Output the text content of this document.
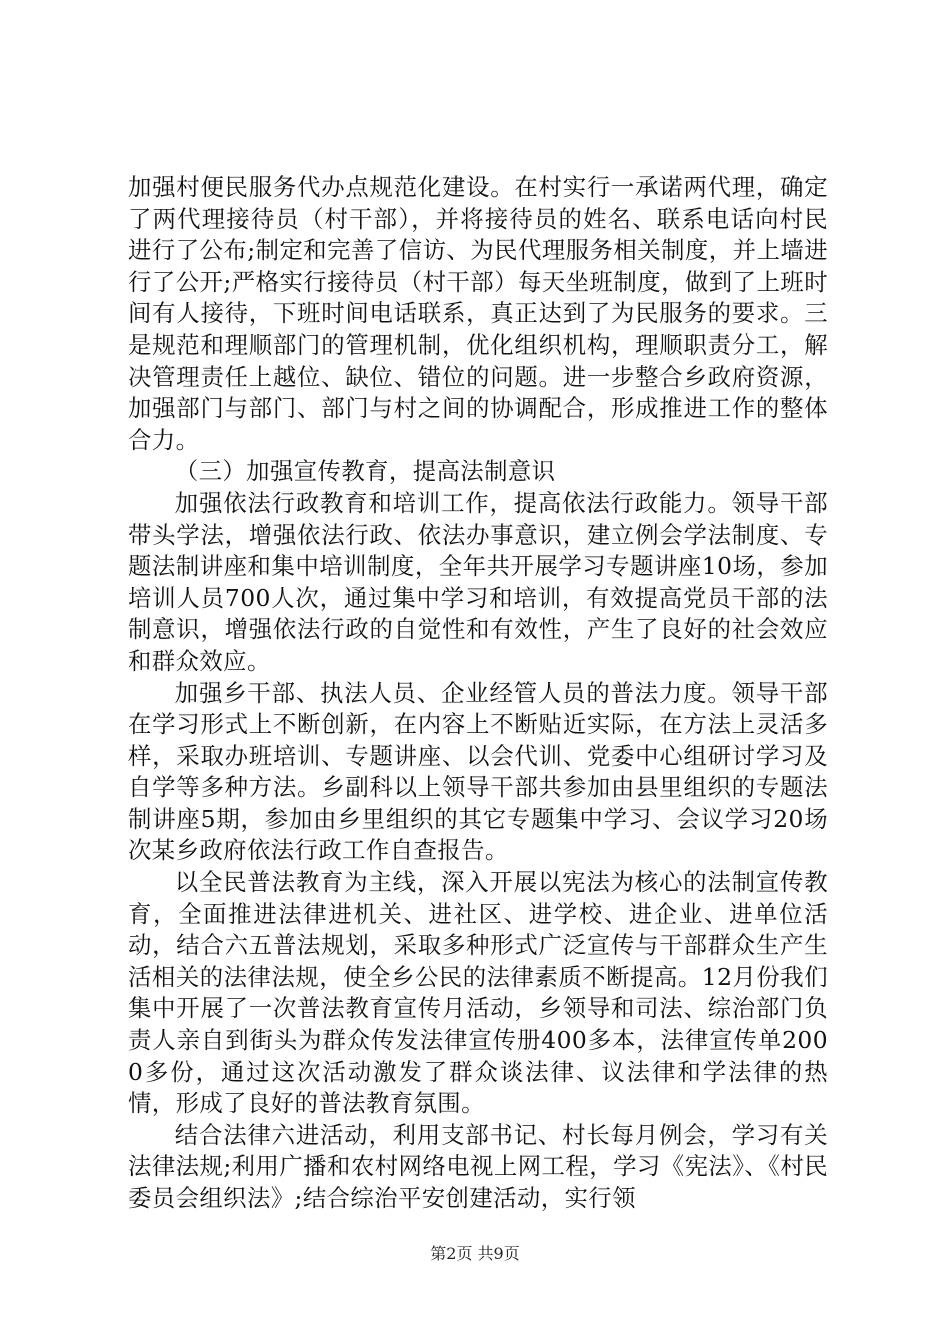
加强村便民服务代办点规范化建设。在村实行一承诺两代理，确定了两代理接待员（村干部），并将接待员的姓名、联系电话向村民进行了公布;制定和完善了信访、为民代理服务相关制度，并上墙进行了公开;严格实行接待员（村干部）每天坐班制度，做到了上班时间有人接待，下班时间电话联系，真正达到了为民服务的要求。三是规范和理顺部门的管理机制，优化组织机构，理顺职责分工，解决管理责任上越位、缺位、错位的问题。进一步整合乡政府资源，加强部门与部门、部门与村之间的协调配合，形成推进工作的整体合力。

（三）加强宣传教育，提高法制意识

加强依法行政教育和培训工作，提高依法行政能力。领导干部带头学法，增强依法行政、依法办事意识，建立例会学法制度、专题法制讲座和集中培训制度，全年共开展学习专题讲座10场，参加培训人员700人次，通过集中学习和培训，有效提高党员干部的法制意识，增强依法行政的自觉性和有效性，产生了良好的社会效应和群众效应。

加强乡干部、执法人员、企业经管人员的普法力度。领导干部在学习形式上不断创新，在内容上不断贴近实际，在方法上灵活多样，采取办班培训、专题讲座、以会代训、党委中心组研讨学习及自学等多种方法。乡副科以上领导干部共参加由县里组织的专题法制讲座5期，参加由乡里组织的其它专题集中学习、会议学习20场次某乡政府依法行政工作自查报告。

以全民普法教育为主线，深入开展以宪法为核心的法制宣传教育，全面推进法律进机关、进社区、进学校、进企业、进单位活动，结合六五普法规划，采取多种形式广泛宣传与干部群众生产生活相关的法律法规，使全乡公民的法律素质不断提高。12月份我们集中开展了一次普法教育宣传月活动，乡领导和司法、综治部门负责人亲自到街头为群众传发法律宣传册400多本，法律宣传单2000多份，通过这次活动激发了群众谈法律、议法律和学法律的热情，形成了良好的普法教育氛围。

结合法律六进活动，利用支部书记、村长每月例会，学习有关法律法规;利用广播和农村网络电视上网工程，学习《宪法》、《村民委员会组织法》;结合综治平安创建活动，实行领

第2页 共9页
